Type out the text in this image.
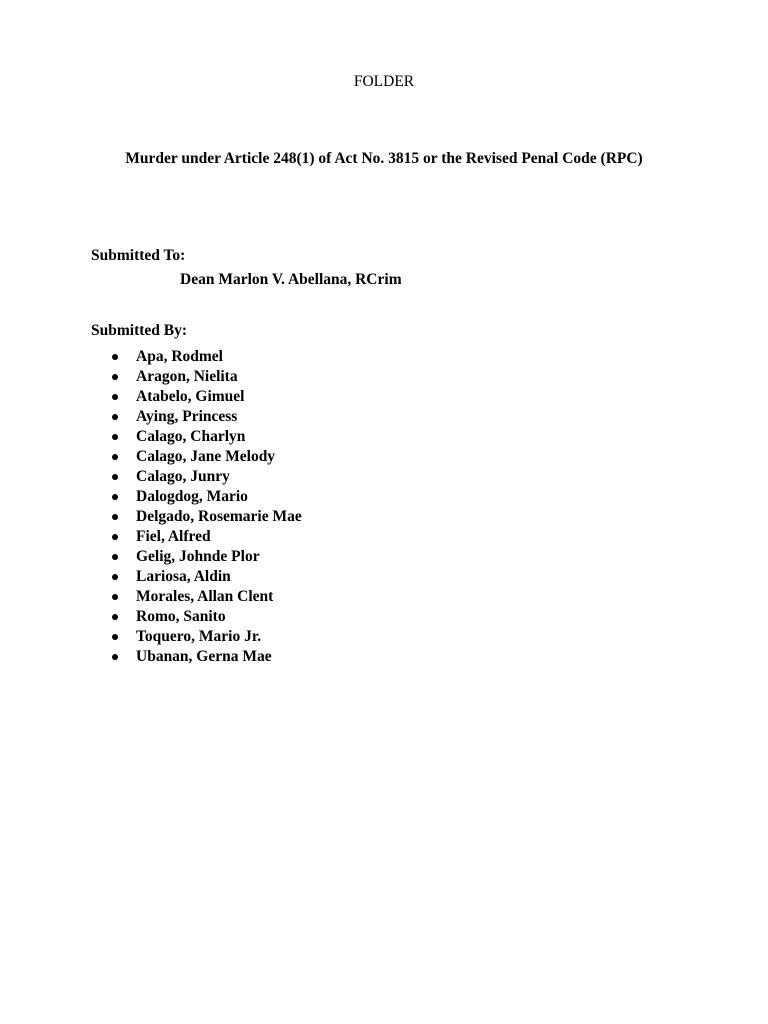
FOLDER
Murder under Article 248(1) of Act No. 3815 or the Revised Penal Code (RPC)
Submitted To:
Dean Marlon V. Abellana, RCrim
Submitted By:
Apa, Rodmel
Aragon, Nielita
Atabelo, Gimuel
Aying, Princess
Calago, Charlyn
Calago, Jane Melody
Calago, Junry
Dalogdog, Mario
Delgado, Rosemarie Mae
Fiel, Alfred
Gelig, Johnde Plor
Lariosa, Aldin
Morales, Allan Clent
Romo, Sanito
Toquero, Mario Jr.
Ubanan, Gerna Mae
